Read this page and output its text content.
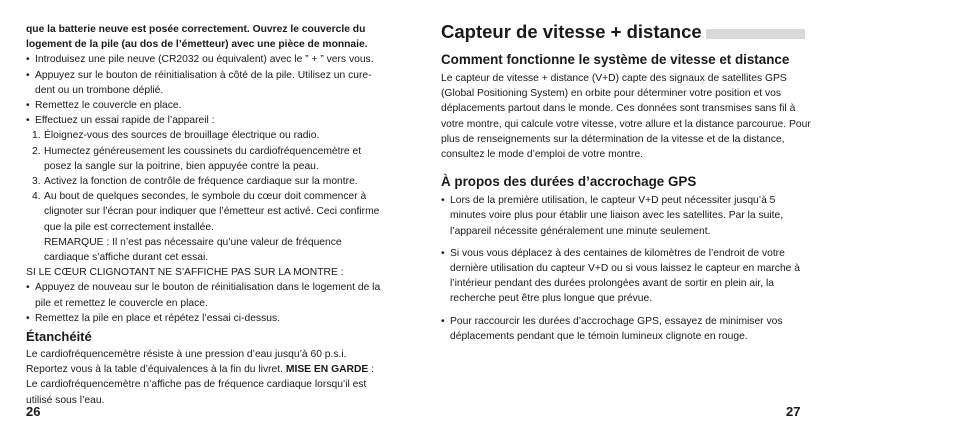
que la batterie neuve est posée correctement. Ouvrez le couvercle du logement de la pile (au dos de l’émetteur) avec une pièce de monnaie.

• Introduisez une pile neuve (CR2032 ou équivalent) avec le ” + ” vers vous.
• Appuyez sur le bouton de réinitialisation à côté de la pile. Utilisez un cure-dent ou un trombone déplié.
• Remettez le couvercle en place.
• Effectuez un essai rapide de l’appareil :
1. Éloignez-vous des sources de brouillage électrique ou radio.
2. Humectez généreusement les coussinets du cardiofréquencemètre et posez la sangle sur la poitrine, bien appuyée contre la peau.
3. Activez la fonction de contrôle de fréquence cardiaque sur la montre.
4. Au bout de quelques secondes, le symbole du cœur doit commencer à clignoter sur l’écran pour indiquer que l’émetteur est activé. Ceci confirme que la pile est correctement installée.
REMARQUE : Il n’est pas nécessaire qu’une valeur de fréquence cardiaque s’affiche durant cet essai.

SI LE CŒUR CLIGNOTANT NE S’AFFICHE PAS SUR LA MONTRE :

• Appuyez de nouveau sur le bouton de réinitialisation dans le logement de la pile et remettez le couvercle en place.
• Remettez la pile en place et répétez l’essai ci-dessus.
Étanchéité

Le cardiofréquencemètre résiste à une pression d’eau jusqu’à 60 p.s.i. Reportez vous à la table d’équivalences à la fin du livret. MISE EN GARDE : Le cardiofréquencemètre n’affiche pas de fréquence cardiaque lorsqu’il est utilisé sous l’eau.

26
Capteur de vitesse + distance
Comment fonctionne le système de vitesse et distance

Le capteur de vitesse + distance (V+D) capte des signaux de satellites GPS (Global Positioning System) en orbite pour déterminer votre position et vos déplacements partout dans le monde. Ces données sont transmises sans fil à votre montre, qui calcule votre vitesse, votre allure et la distance parcourue. Pour plus de renseignements sur la détermination de la vitesse et de la distance, consultez le mode d’emploi de votre montre.

À propos des durées d’accrochage GPS
• Lors de la première utilisation, le capteur V+D peut nécessiter jusqu’à 5 minutes voire plus pour établir une liaison avec les satellites. Par la suite, l’appareil nécessite généralement une minute seulement.
• Si vous vous déplacez à des centaines de kilomètres de l’endroit de votre dernière utilisation du capteur V+D ou si vous laissez le capteur en marche à l’intérieur pendant des durées prolongées avant de sortir en plein air, la recherche peut être plus longue que prévue.
• Pour raccourcir les durées d’accrochage GPS, essayez de minimiser vos déplacements pendant que le témoin lumineux clignote en rouge.
27
